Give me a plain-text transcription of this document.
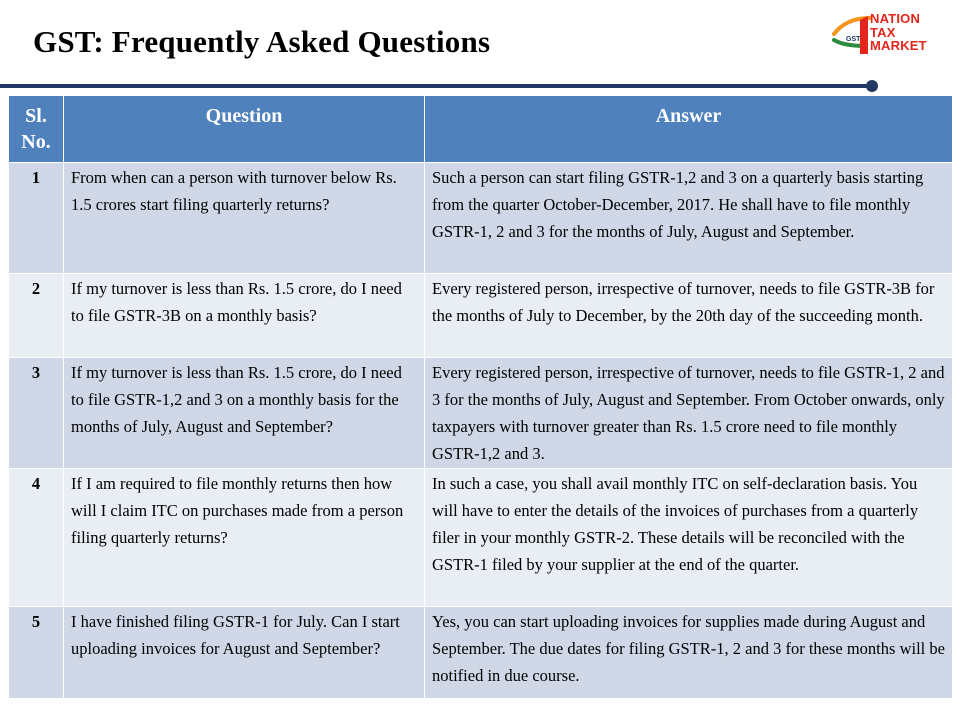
GST: Frequently Asked Questions	GST
NATION
TAX
MARKET
Sl. No.	Question	Answer
1	From when can a person with turnover below Rs. 1.5 crores start filing quarterly returns?	Such a person can start filing GSTR-1,2 and 3 on a quarterly basis starting from the quarter October-December, 2017. He shall have to file monthly GSTR-1, 2 and 3 for the months of July, August and September.
2	If my turnover is less than Rs. 1.5 crore, do I need to file GSTR-3B on a monthly basis?	Every registered person, irrespective of turnover, needs to file GSTR-3B for the months of July to December, by the 20th day of the succeeding month.
3	If my turnover is less than Rs. 1.5 crore, do I need to file GSTR-1,2 and 3 on a monthly basis for the months of July, August and September?	Every registered person, irrespective of turnover, needs to file GSTR-1, 2 and 3 for the months of July, August and September. From October onwards, only taxpayers with turnover greater than Rs. 1.5 crore need to file monthly GSTR-1,2 and 3.
4	If I am required to file monthly returns then how will I claim ITC on purchases made from a person filing quarterly returns?	In such a case, you shall avail monthly ITC on self-declaration basis. You will have to enter the details of the invoices of purchases from a quarterly filer in your monthly GSTR-2. These details will be reconciled with the GSTR-1 filed by your supplier at the end of the quarter.
5	I have finished filing GSTR-1 for July. Can I start uploading invoices for August and September?	Yes, you can start uploading invoices for supplies made during August and September. The due dates for filing GSTR-1, 2 and 3 for these months will be notified in due course.
